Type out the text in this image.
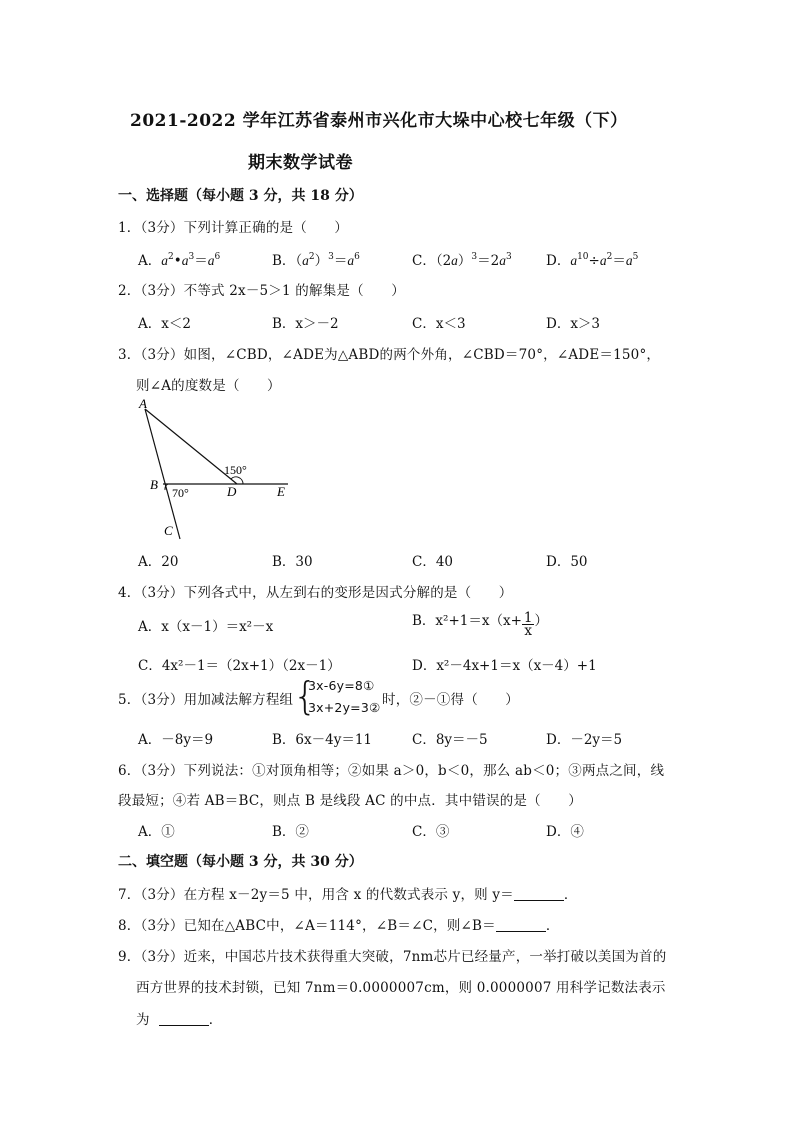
2021-2022 学年江苏省泰州市兴化市大垛中心校七年级（下）
期末数学试卷
一、选择题（每小题 3 分，共 18 分）
1．（3分）下列计算正确的是（　　）
A．$a^2•a^3=a^6$	B．$(a^2)^3=a^6$	C．$(2a)^3=2a^3$	D．$a^{10}\div a^2=a^5$
2．（3分）不等式 2x－5＞1 的解集是（　　）
A．x＜2	B．x＞－2	C．x＜3	D．x＞3
3．（3分）如图，∠CBD，∠ADE为△ABD的两个外角，∠CBD＝70°，∠ADE＝150°，
则∠A的度数是（　　）
A
B
C
D	E
70°
150°
A．20	B．30	C．40	D．50
4．（3分）下列各式中，从左到右的变形是因式分解的是（　　）
A．x（x－1）＝x²－x	B．$x^2+1=x(x+ \frac{1}{x}$ ）
C．4x²－1＝（2x+1）（2x－1）	D．x²－4x+1＝x（x－4）+1
5．（3分）用加减法解方程组 {
3x-6y=8①
3x+2y=3② 时，②－①得（　　）
A．－8y＝9	B．6x－4y＝11	C．8y＝－5	D．－2y＝5
6．（3分）下列说法：①对顶角相等；②如果 a＞0，b＜0，那么 ab＜0；③两点之间，线
段最短；④若 AB＝BC，则点 B 是线段 AC 的中点．其中错误的是（　　）
A．①	B．②	C．③	D．④
二、填空题（每小题 3 分，共 30 分）
7．（3分）在方程 x－2y＝5 中，用含 x 的代数式表示 y，则 y＝	．
8．（3分）已知在△ABC中，∠A＝114°，∠B＝∠C，则∠B＝	．
9．（3分）近来，中国芯片技术获得重大突破，7nm芯片已经量产，一举打破以美国为首的
西方世界的技术封锁，已知 7nm＝0.0000007cm，则 0.0000007 用科学记数法表示
为	．
